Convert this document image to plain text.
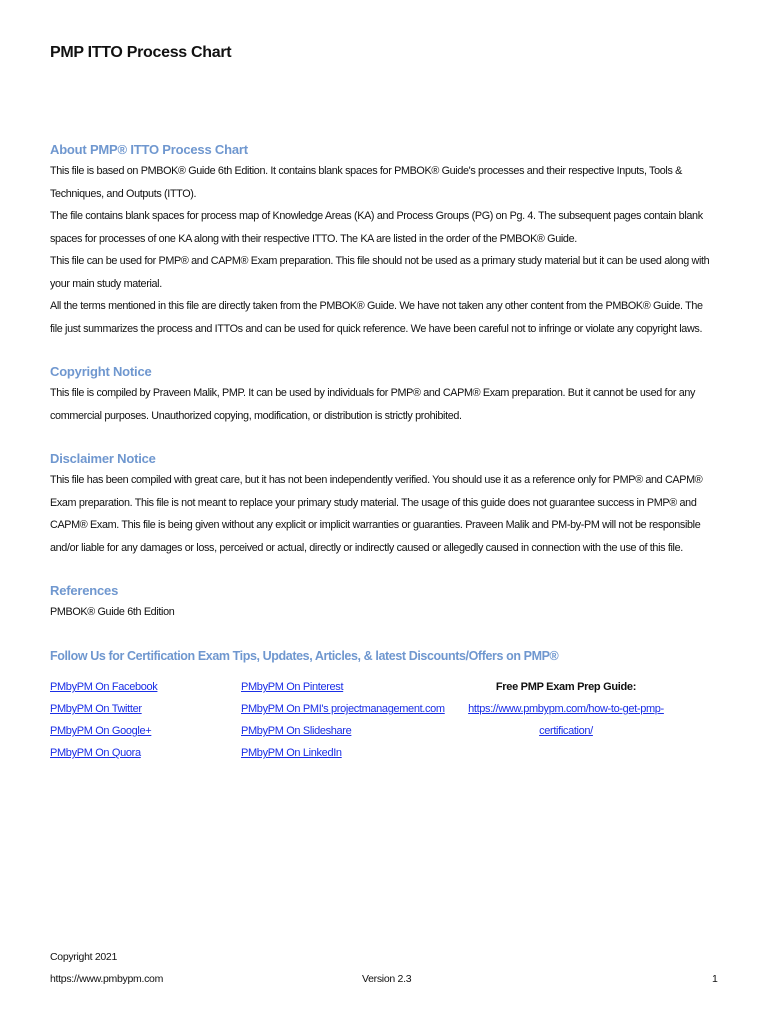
PMP ITTO Process Chart
About PMP® ITTO Process Chart

This file is based on PMBOK® Guide 6th Edition. It contains blank spaces for PMBOK® Guide's processes and their respective Inputs, Tools & Techniques, and Outputs (ITTO).

The file contains blank spaces for process map of Knowledge Areas (KA) and Process Groups (PG) on Pg. 4. The subsequent pages contain blank spaces for processes of one KA along with their respective ITTO. The KA are listed in the order of the PMBOK® Guide.

This file can be used for PMP® and CAPM® Exam preparation. This file should not be used as a primary study material but it can be used along with your main study material.

All the terms mentioned in this file are directly taken from the PMBOK® Guide. We have not taken any other content from the PMBOK® Guide. The file just summarizes the process and ITTOs and can be used for quick reference. We have been careful not to infringe or violate any copyright laws.

Copyright Notice

This file is compiled by Praveen Malik, PMP. It can be used by individuals for PMP® and CAPM® Exam preparation. But it cannot be used for any commercial purposes. Unauthorized copying, modification, or distribution is strictly prohibited.

Disclaimer Notice

This file has been compiled with great care, but it has not been independently verified. You should use it as a reference only for PMP® and CAPM® Exam preparation. This file is not meant to replace your primary study material. The usage of this guide does not guarantee success in PMP® and CAPM® Exam. This file is being given without any explicit or implicit warranties or guaranties. Praveen Malik and PM-by-PM will not be responsible and/or liable for any damages or loss, perceived or actual, directly or indirectly caused or allegedly caused in connection with the use of this file.

References

PMBOK® Guide 6th Edition

Follow Us for Certification Exam Tips, Updates, Articles, & latest Discounts/Offers on PMP®
PMbyPM On Facebook
PMbyPM On Twitter
PMbyPM On Google+
PMbyPM On Quora
PMbyPM On Pinterest
PMbyPM On PMI's projectmanagement.com
PMbyPM On Slideshare
PMbyPM On LinkedIn
Free PMP Exam Prep Guide:
https://www.pmbypm.com/how-to-get-pmp-
certification/
Copyright 2021
https://www.pmbypm.com	Version 2.3	1
